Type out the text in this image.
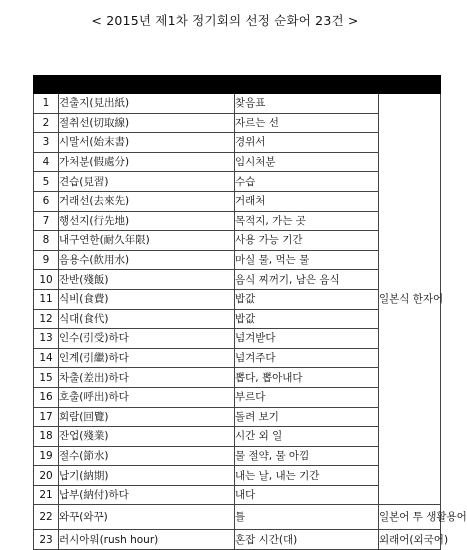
< 2015년 제1차 정기회의 선정 순화어 23건 >

1	견출지(見出紙)	찾음표	일본식 한자어
2	절취선(切取線)	자르는 선	
3	시말서(始末書)	경위서	
4	가처분(假處分)	임시처분	
5	견습(見習)	수습	
6	거래선(去來先)	거래처	
7	행선지(行先地)	목적지, 가는 곳	
8	내구연한(耐久年限)	사용 가능 기간	
9	음용수(飮用水)	마실 물, 먹는 물	
10	잔반(殘飯)	음식 찌꺼기, 남은 음식	
11	식비(食費)	밥값	
12	식대(食代)	밥값	
13	인수(引受)하다	넘겨받다	
14	인계(引繼)하다	넘겨주다	
15	차출(差出)하다	뽑다, 뽑아내다	
16	호출(呼出)하다	부르다	
17	회람(回覽)	돌려 보기	
18	잔업(殘業)	시간 외 일	
19	절수(節水)	물 절약, 물 아낌	
20	납기(納期)	내는 날, 내는 기간	
21	납부(納付)하다	내다	
22	와꾸(와꾸)	틀	일본어 투 생활용어
23	러시아워(rush hour)	혼잡 시간(대)	외래어(외국어)
